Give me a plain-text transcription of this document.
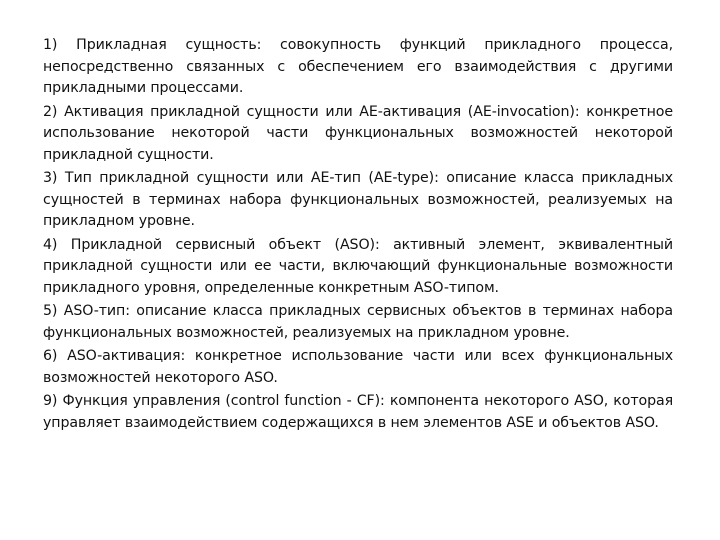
1) Прикладная сущность: совокупность функций прикладного процесса, непосредственно связанных с обеспечением его взаимодействия с другими прикладными процессами.

2) Активация прикладной сущности или AE-активация (AE-invocation): конкретное использование некоторой части функциональных возможностей некоторой прикладной сущности.

3) Тип прикладной сущности или AE-тип (AE-type): описание класса прикладных сущностей в терминах набора функциональных возможностей, реализуемых на прикладном уровне.

4) Прикладной сервисный объект (ASO): активный элемент, эквивалентный прикладной сущности или ее части, включающий функциональные возможности прикладного уровня, определенные конкретным ASO-типом.

5) ASO-тип: описание класса прикладных сервисных объектов в терминах набора функциональных возможностей, реализуемых на прикладном уровне.

6) ASO-активация: конкретное использование части или всех функциональных возможностей некоторого ASO.

9) Функция управления (control function - CF): компонента некоторого ASO, которая управляет взаимодействием содержащихся в нем элементов ASE и объектов ASO.
